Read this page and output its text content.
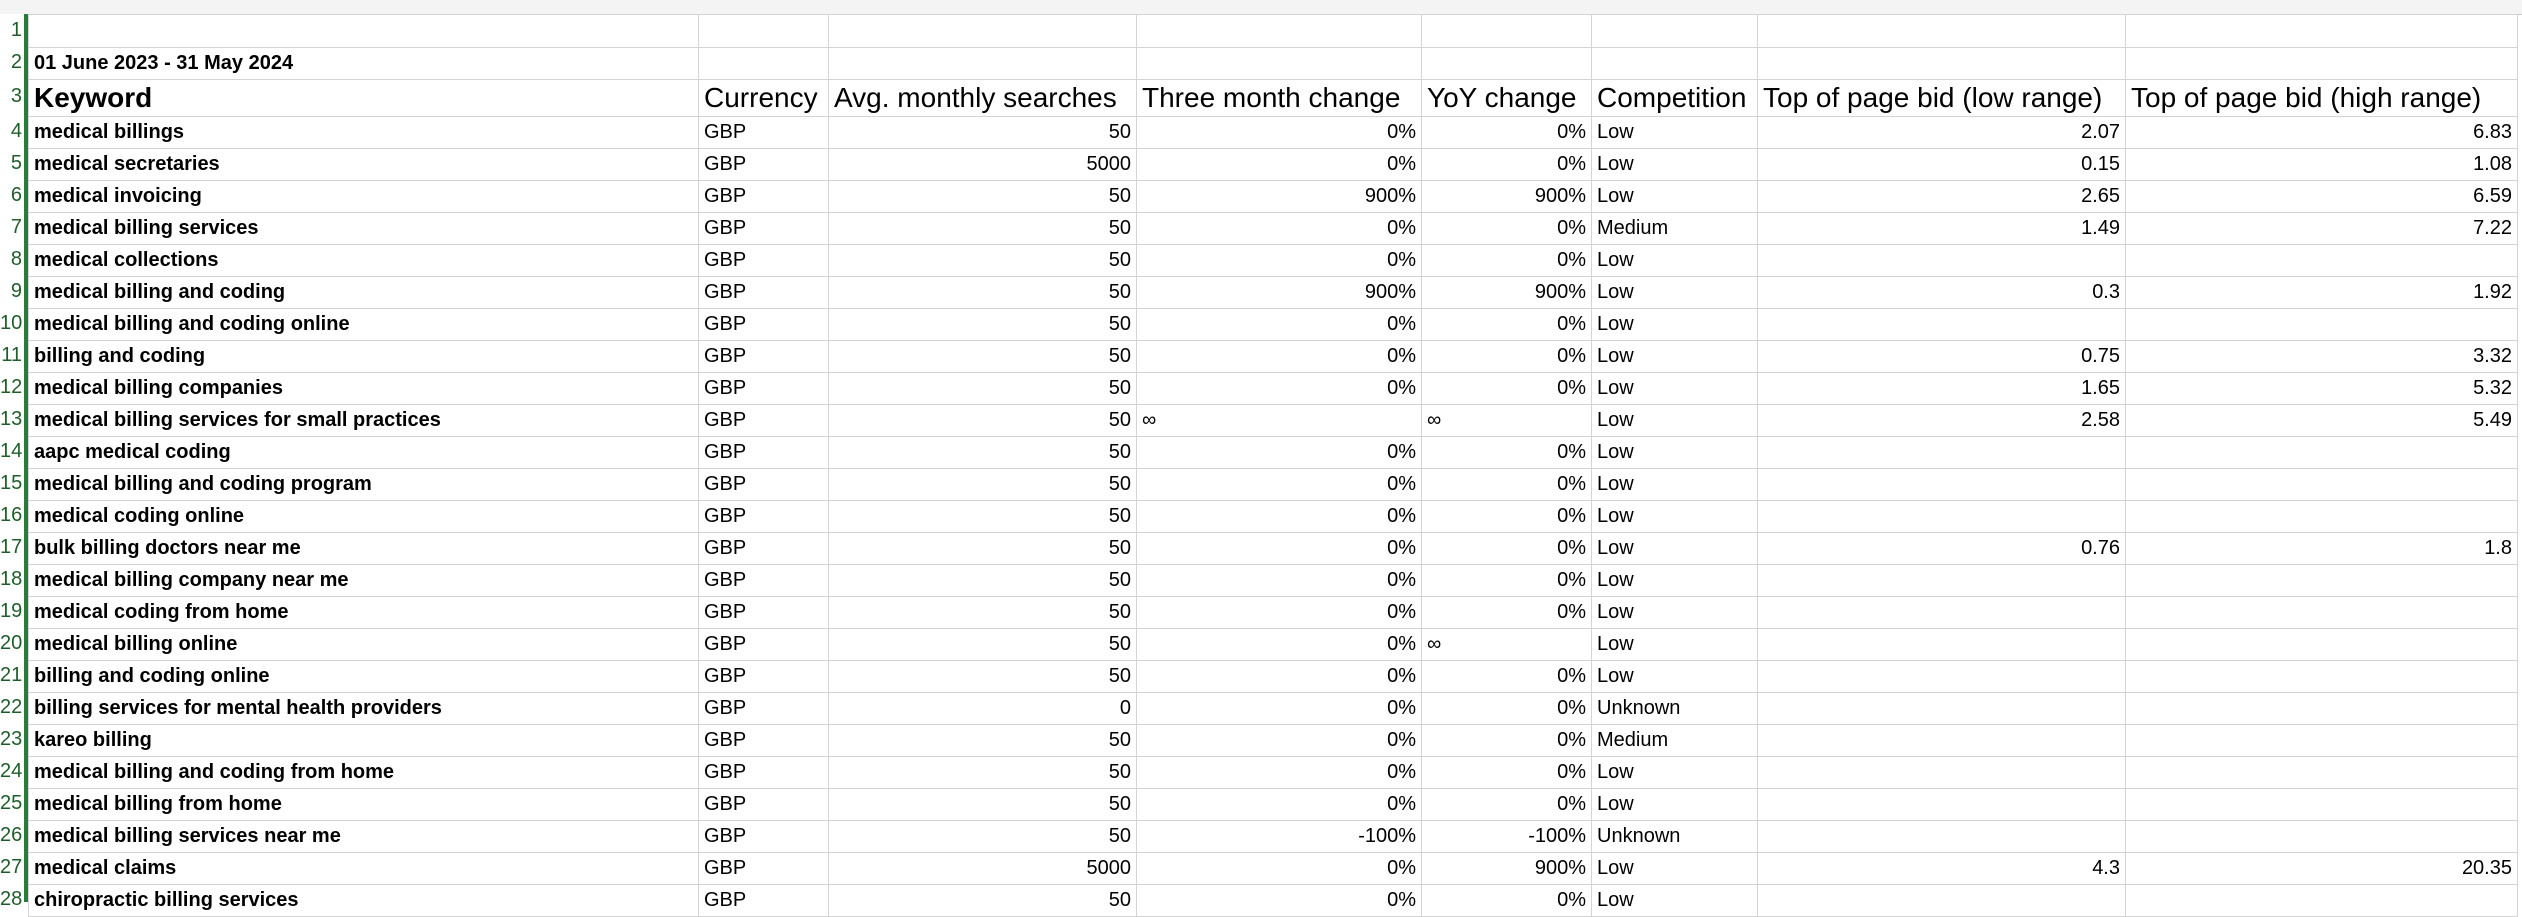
1
2
3
4
5
6
7
8
9
10
11
12
13
14
15
16
17
18
19
20
21
22
23
24
25
26
27
28

01 June 2023 - 31 May 2024							
Keyword	Currency	Avg. monthly searches	Three month change	YoY change	Competition	Top of page bid (low range)	Top of page bid (high range)
medical billings	GBP	50	0%	0%	Low	2.07	6.83
medical secretaries	GBP	5000	0%	0%	Low	0.15	1.08
medical invoicing	GBP	50	900%	900%	Low	2.65	6.59
medical billing services	GBP	50	0%	0%	Medium	1.49	7.22
medical collections	GBP	50	0%	0%	Low		
medical billing and coding	GBP	50	900%	900%	Low	0.3	1.92
medical billing and coding online	GBP	50	0%	0%	Low		
billing and coding	GBP	50	0%	0%	Low	0.75	3.32
medical billing companies	GBP	50	0%	0%	Low	1.65	5.32
medical billing services for small practices	GBP	50	∞	∞	Low	2.58	5.49
aapc medical coding	GBP	50	0%	0%	Low		
medical billing and coding program	GBP	50	0%	0%	Low		
medical coding online	GBP	50	0%	0%	Low		
bulk billing doctors near me	GBP	50	0%	0%	Low	0.76	1.8
medical billing company near me	GBP	50	0%	0%	Low		
medical coding from home	GBP	50	0%	0%	Low		
medical billing online	GBP	50	0%	∞	Low		
billing and coding online	GBP	50	0%	0%	Low		
billing services for mental health providers	GBP	0	0%	0%	Unknown		
kareo billing	GBP	50	0%	0%	Medium		
medical billing and coding from home	GBP	50	0%	0%	Low		
medical billing from home	GBP	50	0%	0%	Low		
medical billing services near me	GBP	50	-100%	-100%	Unknown		
medical claims	GBP	5000	0%	900%	Low	4.3	20.35
chiropractic billing services	GBP	50	0%	0%	Low		
